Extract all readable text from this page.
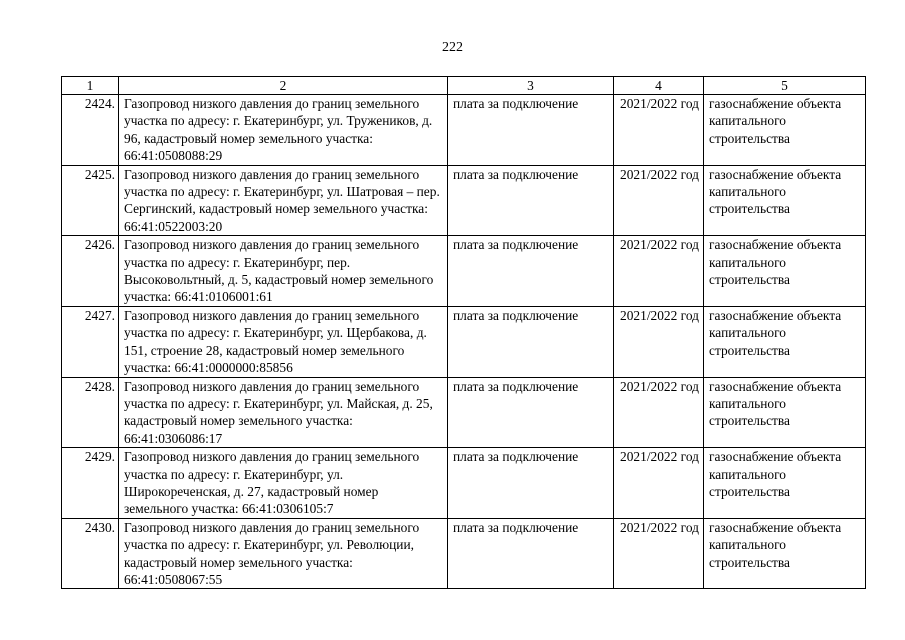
222
1	2	3	4	5
2424.	Газопровод низкого давления до границ земельного участка по адресу: г. Екатеринбург, ул. Тружеников, д. 96, кадастровый номер земельного участка: 66:41:0508088:29	плата за подключение	2021/2022 год	газоснабжение объекта капитального строительства
2425.	Газопровод низкого давления до границ земельного участка по адресу: г. Екатеринбург, ул. Шатровая – пер. Сергинский, кадастровый номер земельного участка: 66:41:0522003:20	плата за подключение	2021/2022 год	газоснабжение объекта капитального строительства
2426.	Газопровод низкого давления до границ земельного участка по адресу: г. Екатеринбург, пер. Высоковольтный, д. 5, кадастровый номер земельного участка: 66:41:0106001:61	плата за подключение	2021/2022 год	газоснабжение объекта капитального строительства
2427.	Газопровод низкого давления до границ земельного участка по адресу: г. Екатеринбург, ул. Щербакова, д. 151, строение 28, кадастровый номер земельного участка: 66:41:0000000:85856	плата за подключение	2021/2022 год	газоснабжение объекта капитального строительства
2428.	Газопровод низкого давления до границ земельного участка по адресу: г. Екатеринбург, ул. Майская, д. 25, кадастровый номер земельного участка: 66:41:0306086:17	плата за подключение	2021/2022 год	газоснабжение объекта капитального строительства
2429.	Газопровод низкого давления до границ земельного участка по адресу: г. Екатеринбург, ул. Широкореченская, д. 27, кадастровый номер земельного участка: 66:41:0306105:7	плата за подключение	2021/2022 год	газоснабжение объекта капитального строительства
2430.	Газопровод низкого давления до границ земельного участка по адресу: г. Екатеринбург, ул. Революции, кадастровый номер земельного участка: 66:41:0508067:55	плата за подключение	2021/2022 год	газоснабжение объекта капитального строительства
